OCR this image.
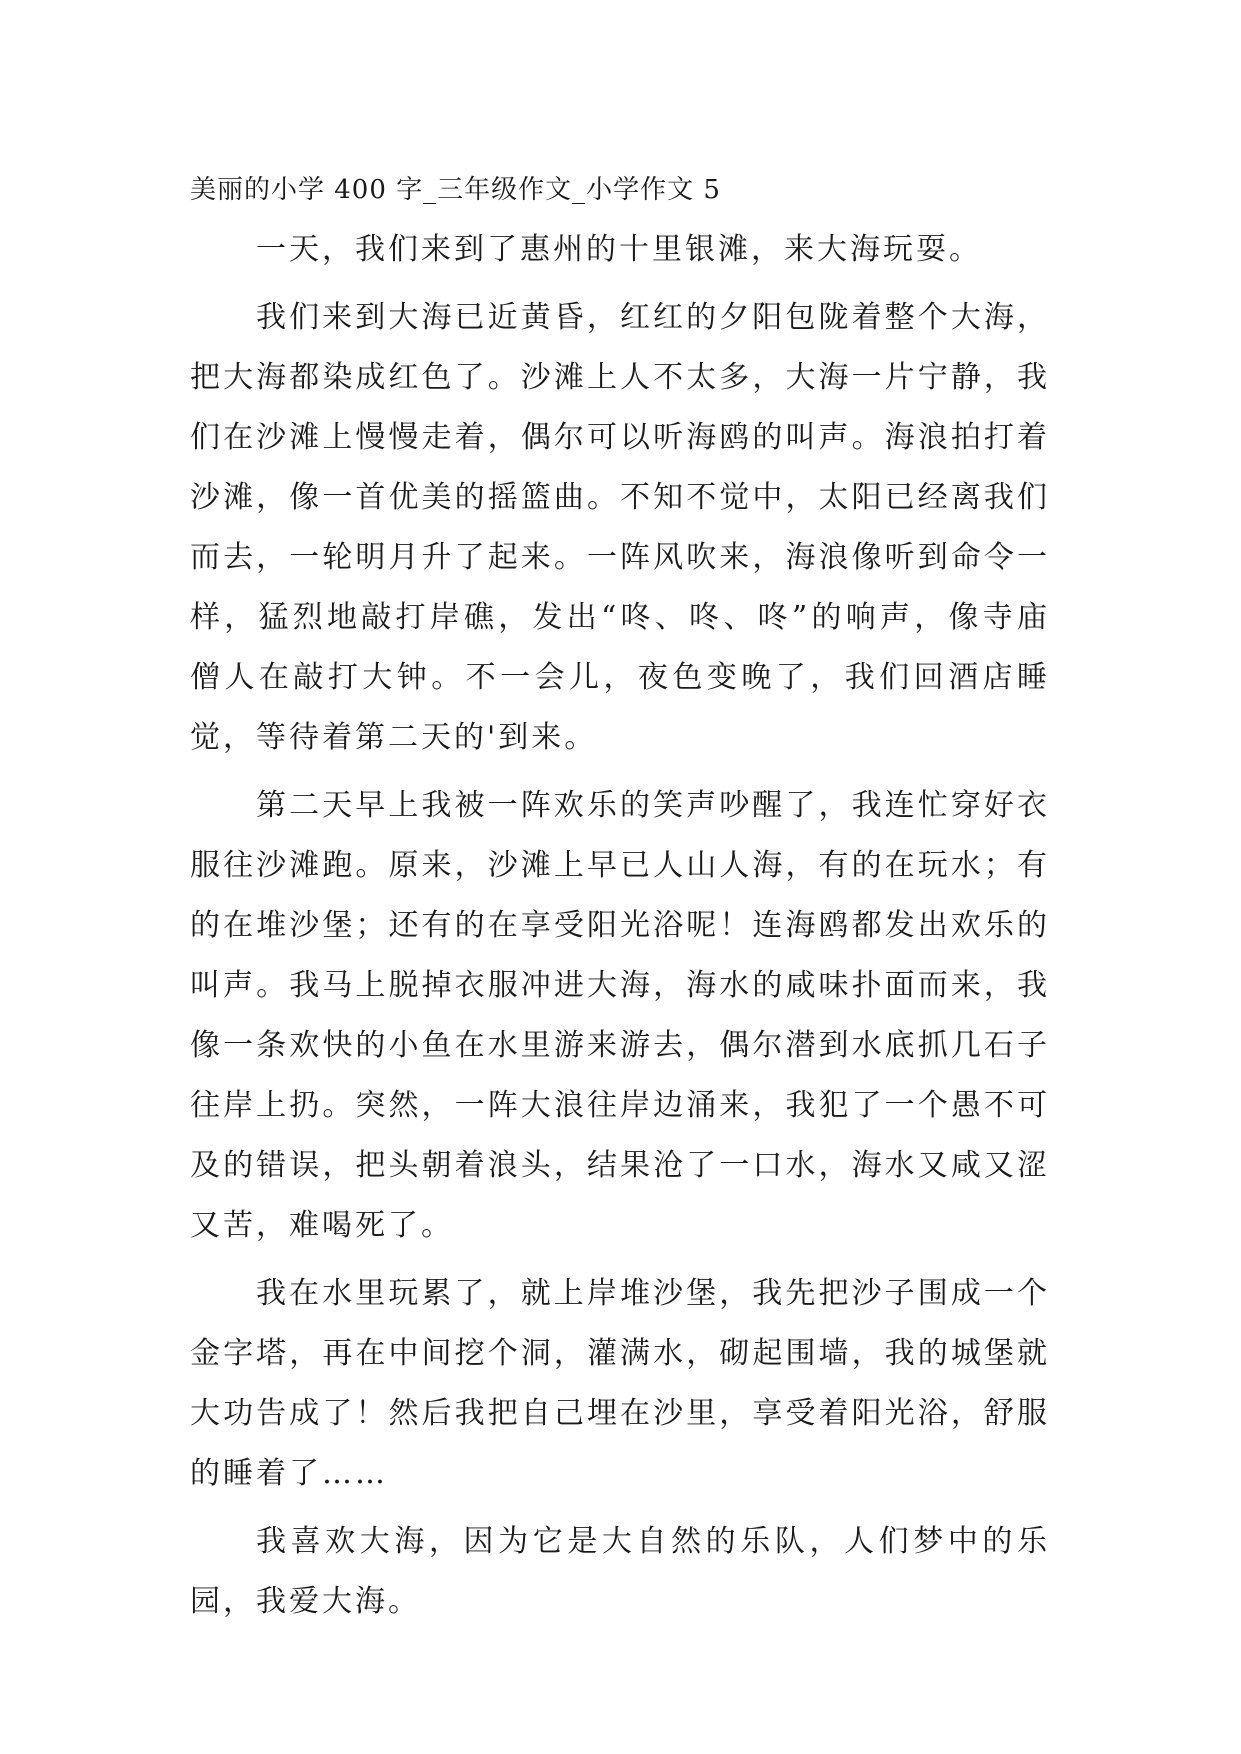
美丽的小学 400 字_三年级作文_小学作文 5

一天，我们来到了惠州的十里银滩，来大海玩耍。

我们来到大海已近黄昏，红红的夕阳包陇着整个大海，把大海都染成红色了。沙滩上人不太多，大海一片宁静，我们在沙滩上慢慢走着，偶尔可以听海鸥的叫声。海浪拍打着沙滩，像一首优美的摇篮曲。不知不觉中，太阳已经离我们而去，一轮明月升了起来。一阵风吹来，海浪像听到命令一样，猛烈地敲打岸礁，发出“咚、咚、咚”的响声，像寺庙僧人在敲打大钟。不一会儿，夜色变晚了，我们回酒店睡觉，等待着第二天的'到来。

第二天早上我被一阵欢乐的笑声吵醒了，我连忙穿好衣服往沙滩跑。原来，沙滩上早已人山人海，有的在玩水；有的在堆沙堡；还有的在享受阳光浴呢！连海鸥都发出欢乐的叫声。我马上脱掉衣服冲进大海，海水的咸味扑面而来，我像一条欢快的小鱼在水里游来游去，偶尔潜到水底抓几石子往岸上扔。突然，一阵大浪往岸边涌来，我犯了一个愚不可及的错误，把头朝着浪头，结果沧了一口水，海水又咸又涩又苦，难喝死了。

我在水里玩累了，就上岸堆沙堡，我先把沙子围成一个金字塔，再在中间挖个洞，灌满水，砌起围墙，我的城堡就大功告成了！然后我把自己埋在沙里，享受着阳光浴，舒服的睡着了……

我喜欢大海，因为它是大自然的乐队，人们梦中的乐园，我爱大海。
